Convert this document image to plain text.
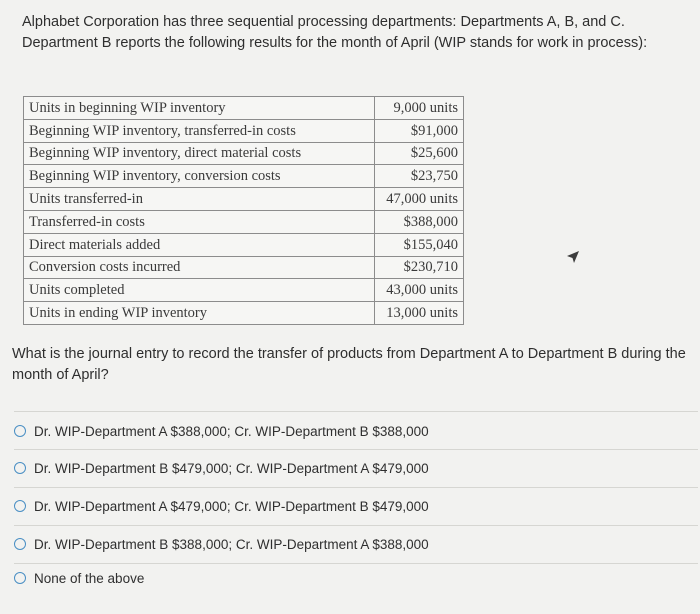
Alphabet Corporation has three sequential processing departments: Departments A, B, and C. Department B reports the following results for the month of April (WIP stands for work in process):
Units in beginning WIP inventory	9,000 units
Beginning WIP inventory, transferred-in costs	$91,000
Beginning WIP inventory, direct material costs	$25,600
Beginning WIP inventory, conversion costs	$23,750
Units transferred-in	47,000 units
Transferred-in costs	$388,000
Direct materials added	$155,040
Conversion costs incurred	$230,710
Units completed	43,000 units
Units in ending WIP inventory	13,000 units
What is the journal entry to record the transfer of products from Department A to Department B during the month of April?
Dr. WIP-Department A $388,000; Cr. WIP-Department B $388,000
Dr. WIP-Department B $479,000; Cr. WIP-Department A $479,000
Dr. WIP-Department A $479,000; Cr. WIP-Department B $479,000
Dr. WIP-Department B $388,000; Cr. WIP-Department A $388,000
None of the above
